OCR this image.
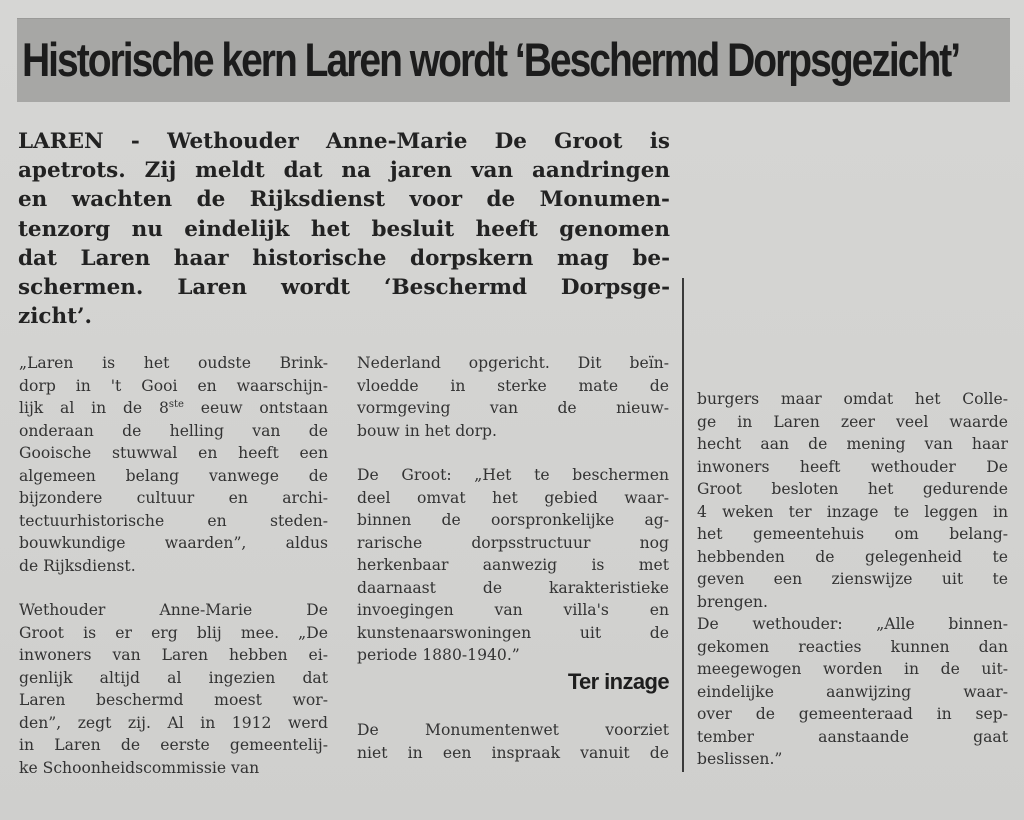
Historische kern Laren wordt ‘Beschermd Dorpsgezicht’
LAREN - Wethouder Anne-Marie De Groot is
apetrots. Zij meldt dat na jaren van aandringen
en wachten de Rijksdienst voor de Monumen-
tenzorg nu eindelijk het besluit heeft genomen
dat Laren haar historische dorpskern mag be-
schermen. Laren wordt ‘Beschermd Dorpsge-
zicht’.

„Laren is het oudste Brink-
dorp in 't Gooi en waarschijn-
lijk al in de 8ste eeuw ontstaan
onderaan de helling van de
Gooische stuwwal en heeft een
algemeen belang vanwege de
bijzondere cultuur en archi-
tectuurhistorische en steden-
bouwkundige waarden”, aldus
de Rijksdienst.

Wethouder Anne-Marie De
Groot is er erg blij mee. „De
inwoners van Laren hebben ei-
genlijk altijd al ingezien dat
Laren beschermd moest wor-
den”, zegt zij. Al in 1912 werd
in Laren de eerste gemeentelij-
ke Schoonheidscommissie van

Nederland opgericht. Dit beïn-
vloedde in sterke mate de
vormgeving van de nieuw-
bouw in het dorp.

De Groot: „Het te beschermen
deel omvat het gebied waar-
binnen de oorspronkelijke ag-
rarische dorpsstructuur nog
herkenbaar aanwezig is met
daarnaast de karakteristieke
invoegingen van villa's en
kunstenaarswoningen uit de
periode 1880-1940.”

Ter inzage

De Monumentenwet voorziet
niet in een inspraak vanuit de

burgers maar omdat het Colle-
ge in Laren zeer veel waarde
hecht aan de mening van haar
inwoners heeft wethouder De
Groot besloten het gedurende
4 weken ter inzage te leggen in
het gemeentehuis om belang-
hebbenden de gelegenheid te
geven een zienswijze uit te
brengen.

De wethouder: „Alle binnen-
gekomen reacties kunnen dan
meegewogen worden in de uit-
eindelijke aanwijzing waar-
over de gemeenteraad in sep-
tember aanstaande gaat
beslissen.”
